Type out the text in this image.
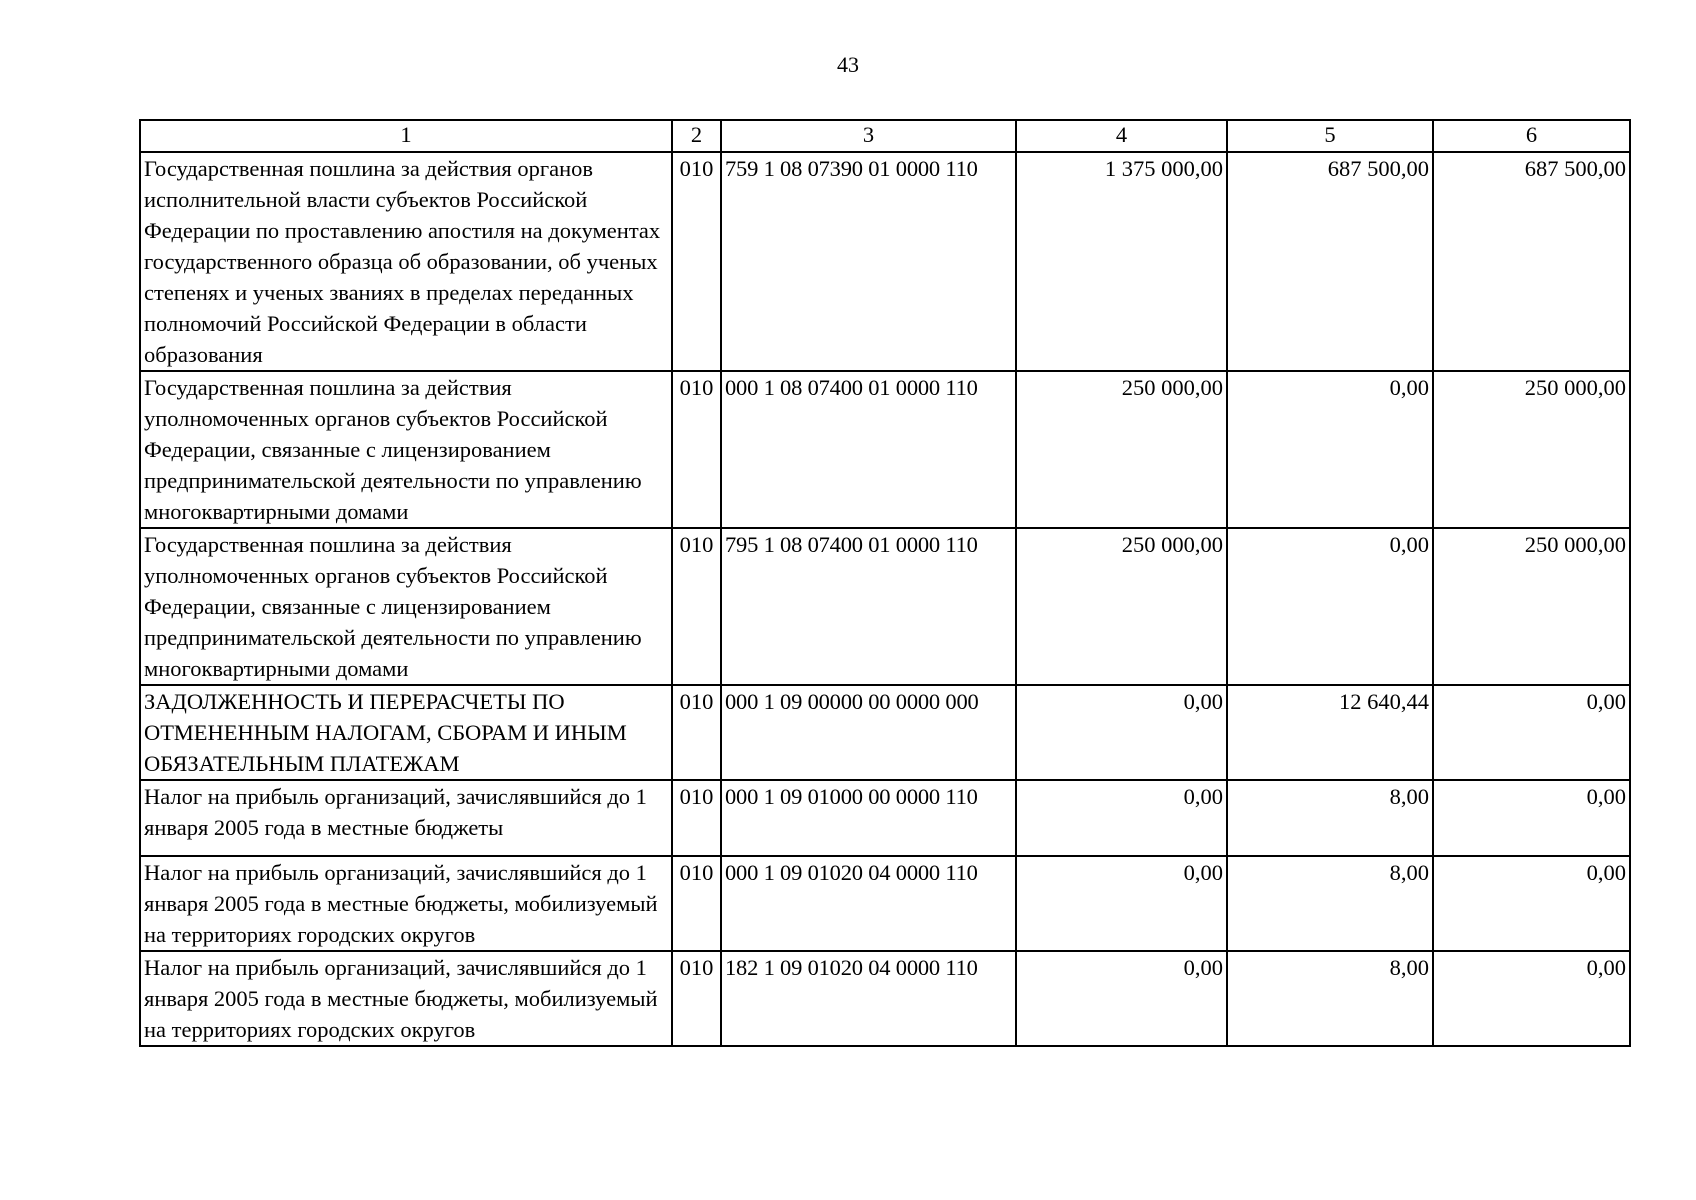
43
1	2	3	4	5	6
Государственная пошлина за действия органов исполнительной власти субъектов Российской Федерации по проставлению апостиля на документах государственного образца об образовании, об ученых степенях и ученых званиях в пределах переданных полномочий Российской Федерации в области образования	010	759 1 08 07390 01 0000 110	1 375 000,00	687 500,00	687 500,00
Государственная пошлина за действия уполномоченных органов субъектов Российской Федерации, связанные с лицензированием предпринимательской деятельности по управлению многоквартирными домами	010	000 1 08 07400 01 0000 110	250 000,00	0,00	250 000,00
Государственная пошлина за действия уполномоченных органов субъектов Российской Федерации, связанные с лицензированием предпринимательской деятельности по управлению многоквартирными домами	010	795 1 08 07400 01 0000 110	250 000,00	0,00	250 000,00
ЗАДОЛЖЕННОСТЬ И ПЕРЕРАСЧЕТЫ ПО ОТМЕНЕННЫМ НАЛОГАМ, СБОРАМ И ИНЫМ ОБЯЗАТЕЛЬНЫМ ПЛАТЕЖАМ	010	000 1 09 00000 00 0000 000	0,00	12 640,44	0,00
Налог на прибыль организаций, зачислявшийся до 1 января 2005 года в местные бюджеты	010	000 1 09 01000 00 0000 110	0,00	8,00	0,00
Налог на прибыль организаций, зачислявшийся до 1 января 2005 года в местные бюджеты, мобилизуемый на территориях городских округов	010	000 1 09 01020 04 0000 110	0,00	8,00	0,00
Налог на прибыль организаций, зачислявшийся до 1 января 2005 года в местные бюджеты, мобилизуемый на территориях городских округов	010	182 1 09 01020 04 0000 110	0,00	8,00	0,00
